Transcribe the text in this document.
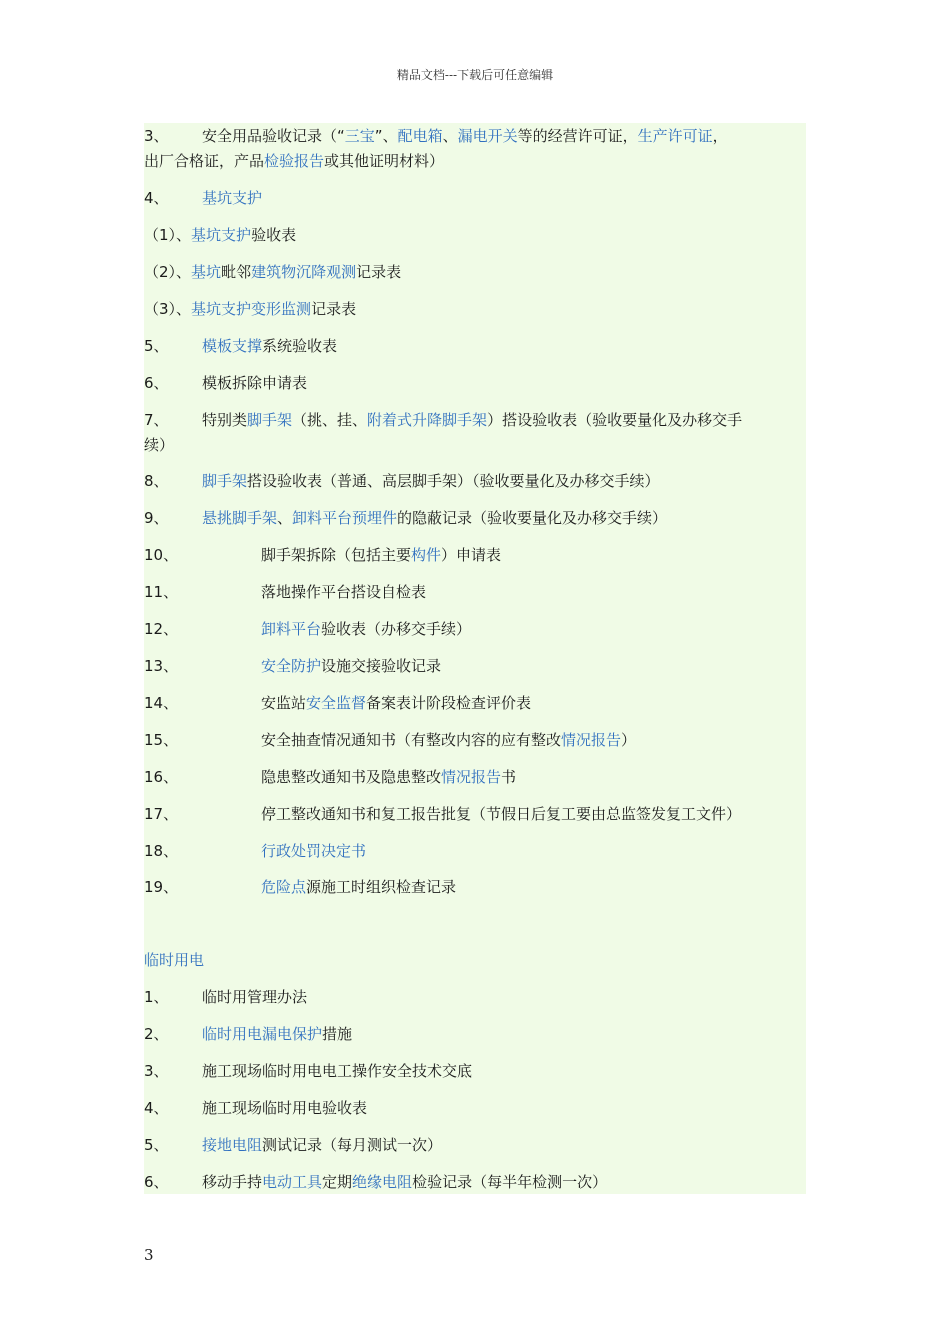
精品文档---下载后可任意编辑
3、 安全用品验收记录（“三宝”、配电箱、漏电开关等的经营许可证，生产许可证，
出厂合格证，产品检验报告或其他证明材料）
4、 基坑支护
（1）、基坑支护验收表
（2）、基坑毗邻建筑物沉降观测记录表
（3）、基坑支护变形监测记录表
5、 模板支撑系统验收表
6、 模板拆除申请表
7、 特别类脚手架（挑、挂、附着式升降脚手架）搭设验收表（验收要量化及办移交手
续）
8、 脚手架搭设验收表（普通、高层脚手架）（验收要量化及办移交手续）
9、 悬挑脚手架、卸料平台预埋件的隐蔽记录（验收要量化及办移交手续）
10、	脚手架拆除（包括主要构件）申请表
11、	落地操作平台搭设自检表
12、	卸料平台验收表（办移交手续）
13、	安全防护设施交接验收记录
14、	安监站安全监督备案表计阶段检查评价表
15、	安全抽查情况通知书（有整改内容的应有整改情况报告）
16、	隐患整改通知书及隐患整改情况报告书
17、	停工整改通知书和复工报告批复（节假日后复工要由总监签发复工文件）
18、	行政处罚决定书
19、	危险点源施工时组织检查记录
临时用电
1、 临时用管理办法
2、 临时用电漏电保护措施
3、 施工现场临时用电电工操作安全技术交底
4、 施工现场临时用电验收表
5、 接地电阻测试记录（每月测试一次）
6、 移动手持电动工具定期绝缘电阻检验记录（每半年检测一次）
3
